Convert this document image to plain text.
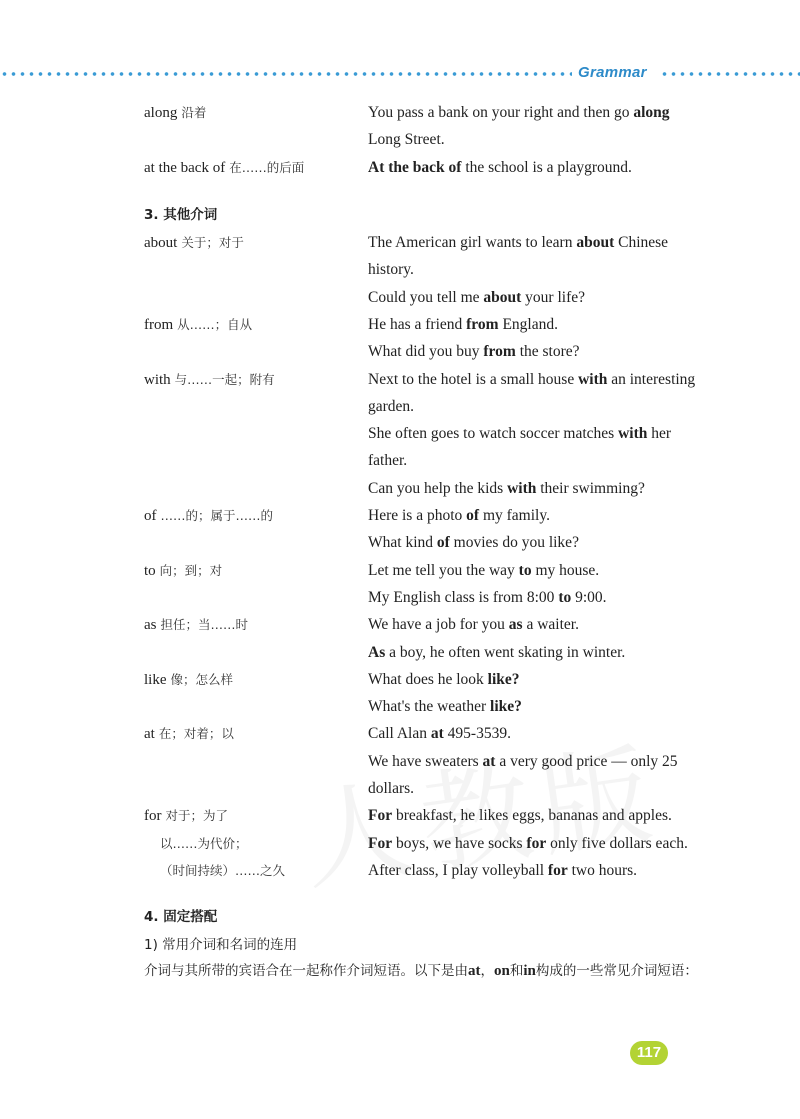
Grammar
along 沿着	You pass a bank on your right and then go along
Long Street.
at the back of 在……的后面	At the back of the school is a playground.
3. 其他介词
about 关于；对于	The American girl wants to learn about Chinese
history.
Could you tell me about your life?
from 从……；自从	He has a friend from England.
What did you buy from the store?
with 与……一起；附有	Next to the hotel is a small house with an interesting
garden.
She often goes to watch soccer matches with her
father.
Can you help the kids with their swimming?
of ……的；属于……的	Here is a photo of my family.
What kind of movies do you like?
to 向；到；对	Let me tell you the way to my house.
My English class is from 8:00 to 9:00.
as 担任；当……时	We have a job for you as a waiter.
As a boy, he often went skating in winter.
like 像；怎么样	What does he look like?
What's the weather like?
at 在；对着；以	Call Alan at 495-3539.
We have sweaters at a very good price — only 25
dollars.
for 对于；为了	For breakfast, he likes eggs, bananas and apples.
以……为代价；	For boys, we have socks for only five dollars each.
（时间持续）……之久	After class, I play volleyball for two hours.
4. 固定搭配
1) 常用介词和名词的连用
介词与其所带的宾语合在一起称作介词短语。以下是由at，on和in构成的一些常见介词短语：
117
